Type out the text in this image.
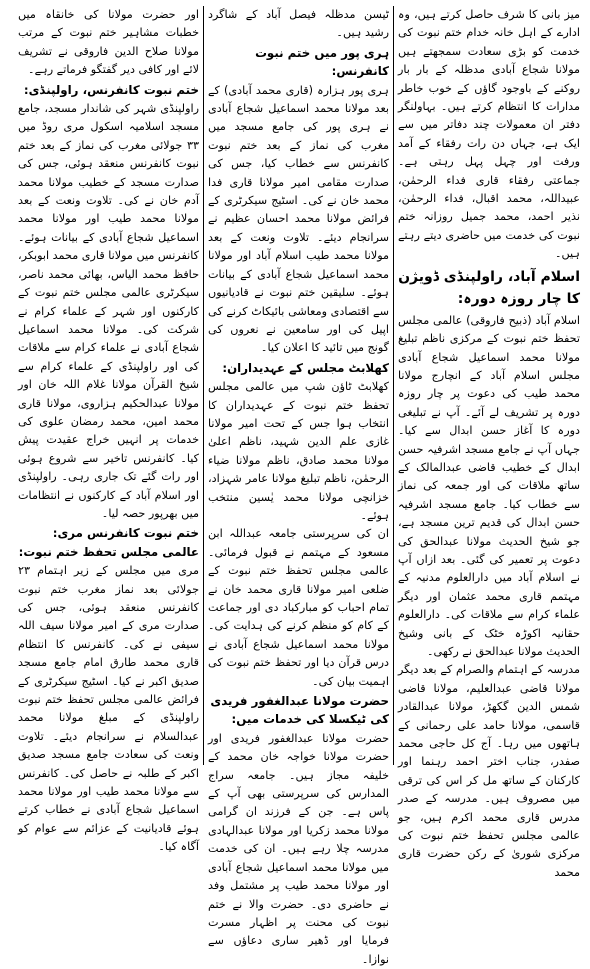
میز بانی کا شرف حاصل کرتے ہیں، وہ ادارے کے اہل خانہ خدام ختم نبوت کی خدمت کو بڑی سعادت سمجھتے ہیں مولانا شجاع آبادی مدظلہ کے بار بار روکنے کے باوجود گاؤں کے خوب خاطر مدارات کا انتظام کرتے ہیں۔ بہاولنگر دفتر ان معمولات چند دفاتر میں سے ایک ہے، جہاں دن رات رفقاء کے آمد ورفت اور چہل پہل رہتی ہے۔ جماعتی رفقاء قاری فداء الرحمٰن، عبیداللہ، محمد اقبال، فداء الرحمٰن، نذیر احمد، محمد جمیل روزانہ ختم نبوت کی خدمت میں حاضری دیتے رہتے ہیں۔

اسلام آباد، راولپنڈی ڈویژن کا چار روزہ دورہ:

اسلام آباد (ذبیح فاروقی) عالمی مجلس تحفظ ختم نبوت کے مرکزی ناظم تبلیغ مولانا محمد اسماعیل شجاع آبادی مجلس اسلام آباد کے انچارج مولانا محمد طیب کی دعوت پر چار روزہ دورہ پر تشریف لے آئے۔ آپ نے تبلیغی دورہ کا آغاز حسن ابدال سے کیا۔ جہاں آپ نے جامع مسجد اشرفیہ حسن ابدال کے خطیب قاضی عبدالمالک کے ساتھ ملاقات کی اور جمعہ کی نماز سے خطاب کیا۔ جامع مسجد اشرفیہ حسن ابدال کی قدیم ترین مسجد ہے، جو شیخ الحدیث مولانا عبدالحق کی دعوت پر تعمیر کی گئی۔ بعد ازاں آپ نے اسلام آباد میں دارالعلوم مدنیہ کے مہتمم قاری محمد عثمان اور دیگر علماء کرام سے ملاقات کی۔ دارالعلوم حقانیہ اکوڑہ خٹک کے بانی وشیخ الحدیث مولانا عبدالحق نے رکھی۔

مدرسہ کے اہتمام والصرام کے بعد دیگر مولانا قاضی عبدالعلیم، مولانا قاضی شمس الدین گکھڑ، مولانا عبدالقادر قاسمی، مولانا حامد علی رحمانی کے ہاتھوں میں رہا۔ آج کل حاجی محمد صفدر، جناب اختر احمد رہنما اور کارکنان کے ساتھ مل کر اس کی ترقی میں مصروف ہیں۔ مدرسہ کے صدر مدرس قاری محمد اکرم ہیں، جو عالمی مجلس تحفظ ختم نبوت کی مرکزی شوریٰ کے رکن حضرت قاری محمد

ٹیسن مدظلہ فیصل آباد کے شاگرد رشید ہیں۔

ہری پور میں ختم نبوت کانفرنس:

ہری پور ہزارہ (قاری محمد آبادی) کے بعد مولانا محمد اسماعیل شجاع آبادی نے ہری پور کی جامع مسجد میں مغرب کی نماز کے بعد ختم نبوت کانفرنس سے خطاب کیا، جس کی صدارت مقامی امیر مولانا قاری فدا محمد خان نے کی۔ اسٹیج سیکرٹری کے فرائض مولانا محمد احسان عظیم نے سرانجام دیئے۔ تلاوت ونعت کے بعد مولانا محمد طیب اسلام آباد اور مولانا محمد اسماعیل شجاع آبادی کے بیانات ہوئے۔ سلیقین ختم نبوت نے قادیانیوں سے اقتصادی ومعاشی بائیکاٹ کرنے کی اپیل کی اور سامعین نے نعروں کی گونج میں تائید کا اعلان کیا۔

کھلابٹ مجلس کے عہدیداران:

کھلابٹ ٹاؤن شپ میں عالمی مجلس تحفظ ختم نبوت کے عہدیداران کا انتخاب ہوا جس کے تحت امیر مولانا غازی علم الدین شہید، ناظم اعلیٰ مولانا محمد صادق، ناظم مولانا ضیاء الرحمٰن، ناظم تبلیغ مولانا عامر شہزاد، خزانچی مولانا محمد یٰسین منتخب ہوئے۔

ان کی سرپرستی جامعہ عبداللہ ابن مسعود کے مہتمم نے قبول فرمائی۔ عالمی مجلس تحفظ ختم نبوت کے ضلعی امیر مولانا قاری محمد خان نے تمام احباب کو مبارکباد دی اور جماعت کے کام کو منظم کرنے کی ہدایت کی۔ مولانا محمد اسماعیل شجاع آبادی نے درس قرآن دیا اور تحفظ ختم نبوت کی اہمیت بیان کی۔

حضرت مولانا عبدالغفور فریدی کی ٹیکسلا کی خدمات میں:

حضرت مولانا عبدالغفور فریدی اور حضرت مولانا خواجہ خان محمد کے خلیفہ مجاز ہیں۔ جامعہ سراج المدارس کی سرپرستی بھی آپ کے پاس ہے۔ جن کے فرزند ان گرامی مولانا محمد زکریا اور مولانا عبدالہادی مدرسہ چلا رہے ہیں۔ ان کی خدمت میں مولانا محمد اسماعیل شجاع آبادی اور مولانا محمد طیب پر مشتمل وفد نے حاضری دی۔ حضرت والا نے ختم نبوت کی محنت پر اظہار مسرت فرمایا اور ڈھیر ساری دعاؤں سے نوازا۔

اور حضرت مولانا کی خانقاہ میں خطبات مشاہیر ختم نبوت کے مرتب مولانا صلاح الدین فاروقی نے تشریف لائے اور کافی دیر گفتگو فرماتے رہے۔

ختم نبوت کانفرنس، راولپنڈی:

راولپنڈی شہر کی شاندار مسجد، جامع مسجد اسلامیہ اسکول مری روڈ میں ۳۳ جولائی مغرب کی نماز کے بعد ختم نبوت کانفرنس منعقد ہوئی، جس کی صدارت مسجد کے خطیب مولانا محمد آدم خان نے کی۔ تلاوت ونعت کے بعد مولانا محمد طیب اور مولانا محمد اسماعیل شجاع آبادی کے بیانات ہوئے۔ کانفرنس میں مولانا قاری محمد ابوبکر، حافظ محمد الیاس، بھائی محمد ناصر، سیکرٹری عالمی مجلس ختم نبوت کے کارکنوں اور شہر کے علماء کرام نے شرکت کی۔ مولانا محمد اسماعیل شجاع آبادی نے علماء کرام سے ملاقات کی اور راولپنڈی کے علماء کرام سے شیخ القرآن مولانا غلام اللہ خان اور مولانا عبدالحکیم ہزاروی، مولانا قاری محمد امین، محمد رمضان علوی کی خدمات پر انہیں خراج عقیدت پیش کیا۔ کانفرنس تاخیر سے شروع ہوئی اور رات گئے تک جاری رہی۔ راولپنڈی اور اسلام آباد کے کارکنوں نے انتظامات میں بھرپور حصہ لیا۔

ختم نبوت کانفرنس مری: عالمی مجلس تحفظ ختم نبوت:

مری میں مجلس کے زیر اہتمام ۲۳ جولائی بعد نماز مغرب ختم نبوت کانفرنس منعقد ہوئی، جس کی صدارت مری کے امیر مولانا سیف اللہ سیفی نے کی۔ کانفرنس کا انتظام قاری محمد طارق امام جامع مسجد صدیق اکبر نے کیا۔ اسٹیج سیکرٹری کے فرائض عالمی مجلس تحفظ ختم نبوت راولپنڈی کے مبلغ مولانا محمد عبدالسلام نے سرانجام دیئے۔ تلاوت ونعت کی سعادت جامع مسجد صدیق اکبر کے طلبہ نے حاصل کی۔ کانفرنس سے مولانا محمد طیب اور مولانا محمد اسماعیل شجاع آبادی نے خطاب کرتے ہوئے قادیانیت کے عزائم سے عوام کو آگاہ کیا۔
